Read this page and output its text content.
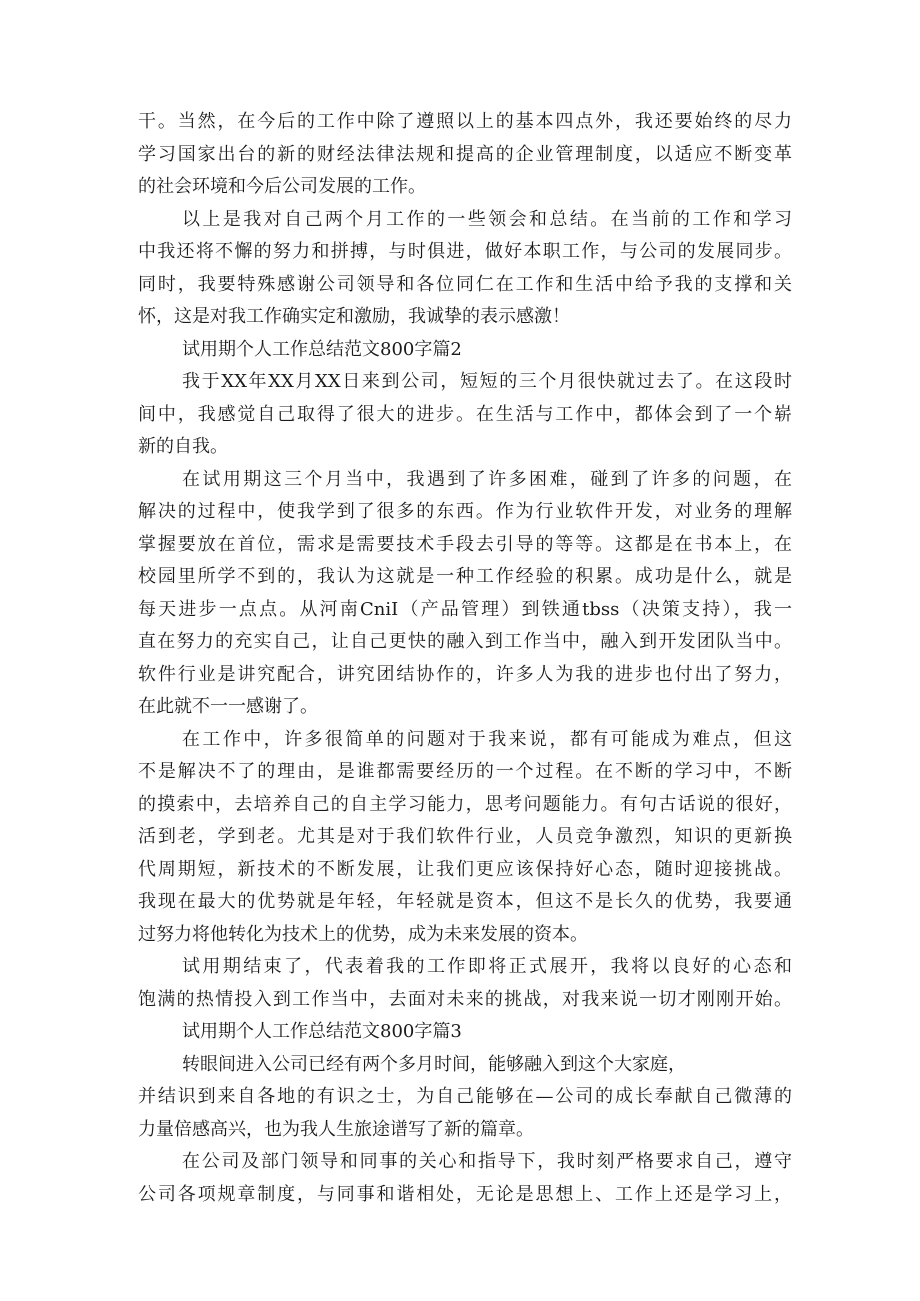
干。当然，在今后的工作中除了遵照以上的基本四点外，我还要始终的尽力
学习国家出台的新的财经法律法规和提高的企业管理制度，以适应不断变革
的社会环境和今后公司发展的工作。
以上是我对自己两个月工作的一些领会和总结。在当前的工作和学习
中我还将不懈的努力和拼搏，与时俱进，做好本职工作，与公司的发展同步。
同时，我要特殊感谢公司领导和各位同仁在工作和生活中给予我的支撑和关
怀，这是对我工作确实定和激励，我诚挚的表示感激！
试用期个人工作总结范文800字篇2
我于XX年XX月XX日来到公司，短短的三个月很快就过去了。在这段时
间中，我感觉自己取得了很大的进步。在生活与工作中，都体会到了一个崭
新的自我。
在试用期这三个月当中，我遇到了许多困难，碰到了许多的问题，在
解决的过程中，使我学到了很多的东西。作为行业软件开发，对业务的理解
掌握要放在首位，需求是需要技术手段去引导的等等。这都是在书本上，在
校园里所学不到的，我认为这就是一种工作经验的积累。成功是什么，就是
每天进步一点点。从河南CniI（产品管理）到铁通tbss（决策支持），我一
直在努力的充实自己，让自己更快的融入到工作当中，融入到开发团队当中。
软件行业是讲究配合，讲究团结协作的，许多人为我的进步也付出了努力，
在此就不一一感谢了。
在工作中，许多很简单的问题对于我来说，都有可能成为难点，但这
不是解决不了的理由，是谁都需要经历的一个过程。在不断的学习中，不断
的摸索中，去培养自己的自主学习能力，思考问题能力。有句古话说的很好，
活到老，学到老。尤其是对于我们软件行业，人员竞争激烈，知识的更新换
代周期短，新技术的不断发展，让我们更应该保持好心态，随时迎接挑战。
我现在最大的优势就是年轻，年轻就是资本，但这不是长久的优势，我要通
过努力将他转化为技术上的优势，成为未来发展的资本。
试用期结束了，代表着我的工作即将正式展开，我将以良好的心态和
饱满的热情投入到工作当中，去面对未来的挑战，对我来说一切才刚刚开始。
试用期个人工作总结范文800字篇3
转眼间进入公司已经有两个多月时间，能够融入到这个大家庭，
并结识到来自各地的有识之士，为自己能够在—公司的成长奉献自己微薄的
力量倍感高兴，也为我人生旅途谱写了新的篇章。
在公司及部门领导和同事的关心和指导下，我时刻严格要求自己，遵守
公司各项规章制度，与同事和谐相处，无论是思想上、工作上还是学习上，
